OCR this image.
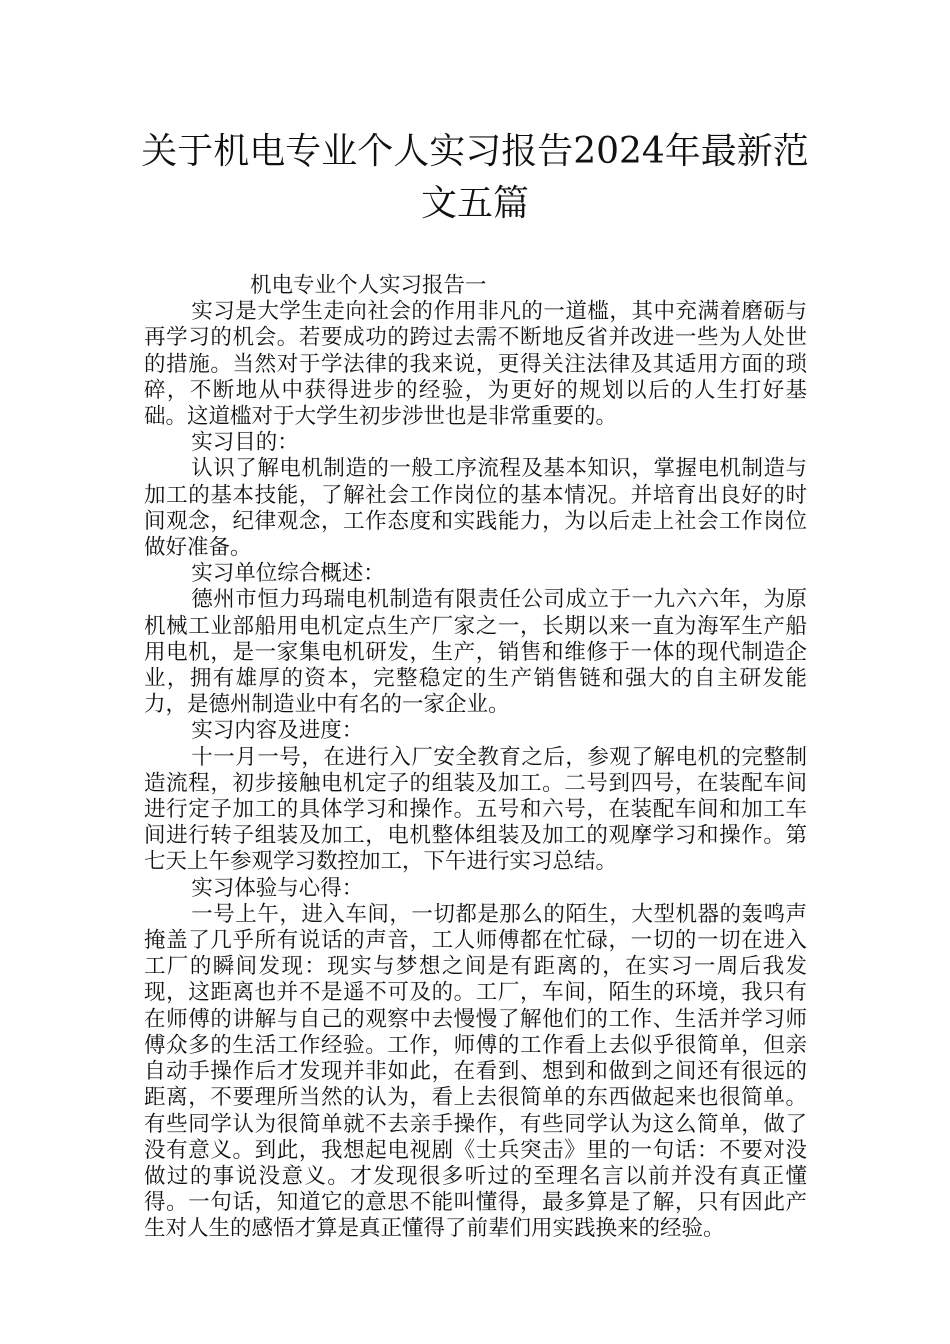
关于机电专业个人实习报告2024年最新范文五篇

机电专业个人实习报告一

实习是大学生走向社会的作用非凡的一道槛，其中充满着磨砺与再学习的机会。若要成功的跨过去需不断地反省并改进一些为人处世的措施。当然对于学法律的我来说，更得关注法律及其适用方面的琐碎，不断地从中获得进步的经验，为更好的规划以后的人生打好基础。这道槛对于大学生初步涉世也是非常重要的。

实习目的：

认识了解电机制造的一般工序流程及基本知识，掌握电机制造与加工的基本技能，了解社会工作岗位的基本情况。并培育出良好的时间观念，纪律观念，工作态度和实践能力，为以后走上社会工作岗位做好准备。

实习单位综合概述：

德州市恒力玛瑞电机制造有限责任公司成立于一九六六年，为原机械工业部船用电机定点生产厂家之一，长期以来一直为海军生产船用电机，是一家集电机研发，生产，销售和维修于一体的现代制造企业，拥有雄厚的资本，完整稳定的生产销售链和强大的自主研发能力，是德州制造业中有名的一家企业。

实习内容及进度：

十一月一号，在进行入厂安全教育之后，参观了解电机的完整制造流程，初步接触电机定子的组装及加工。二号到四号，在装配车间进行定子加工的具体学习和操作。五号和六号，在装配车间和加工车间进行转子组装及加工，电机整体组装及加工的观摩学习和操作。第七天上午参观学习数控加工，下午进行实习总结。

实习体验与心得：

一号上午，进入车间，一切都是那么的陌生，大型机器的轰鸣声掩盖了几乎所有说话的声音，工人师傅都在忙碌，一切的一切在进入工厂的瞬间发现：现实与梦想之间是有距离的，在实习一周后我发现，这距离也并不是遥不可及的。工厂，车间，陌生的环境，我只有在师傅的讲解与自己的观察中去慢慢了解他们的工作、生活并学习师傅众多的生活工作经验。工作，师傅的工作看上去似乎很简单，但亲自动手操作后才发现并非如此，在看到、想到和做到之间还有很远的距离，不要理所当然的认为，看上去很简单的东西做起来也很简单。有些同学认为很简单就不去亲手操作，有些同学认为这么简单，做了没有意义。到此，我想起电视剧《士兵突击》里的一句话：不要对没做过的事说没意义。才发现很多听过的至理名言以前并没有真正懂得。一句话，知道它的意思不能叫懂得，最多算是了解，只有因此产生对人生的感悟才算是真正懂得了前辈们用实践换来的经验。
